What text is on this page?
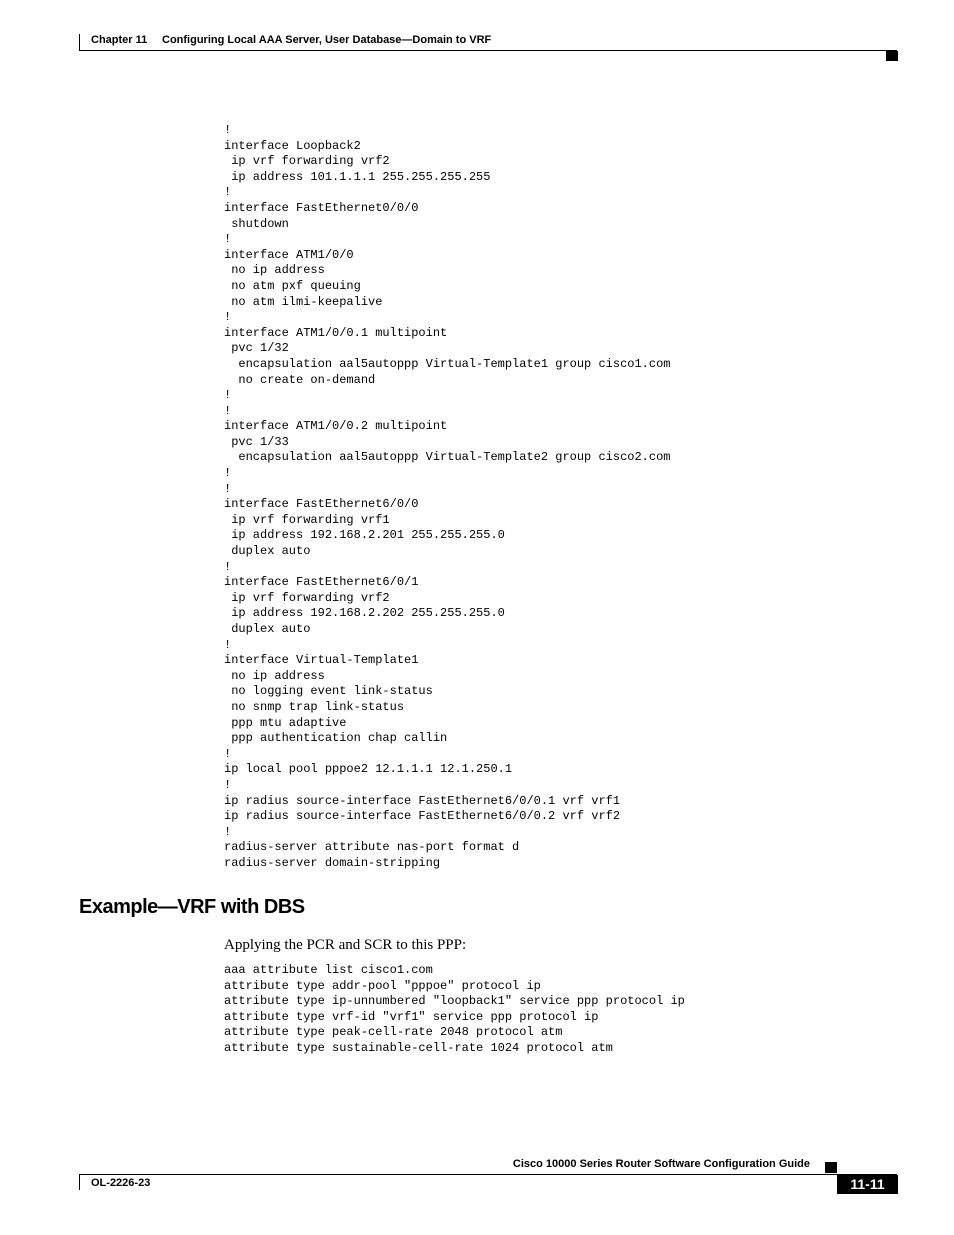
Chapter 11 Configuring Local AAA Server, User Database—Domain to VRF
!
interface Loopback2
ip vrf forwarding vrf2
ip address 101.1.1.1 255.255.255.255
!
interface FastEthernet0/0/0
shutdown
!
interface ATM1/0/0
no ip address
no atm pxf queuing
no atm ilmi-keepalive
!
interface ATM1/0/0.1 multipoint
pvc 1/32
encapsulation aal5autoppp Virtual-Template1 group cisco1.com
no create on-demand
!
!
interface ATM1/0/0.2 multipoint
pvc 1/33
encapsulation aal5autoppp Virtual-Template2 group cisco2.com
!
!
interface FastEthernet6/0/0
ip vrf forwarding vrf1
ip address 192.168.2.201 255.255.255.0
duplex auto
!
interface FastEthernet6/0/1
ip vrf forwarding vrf2
ip address 192.168.2.202 255.255.255.0
duplex auto
!
interface Virtual-Template1
no ip address
no logging event link-status
no snmp trap link-status
ppp mtu adaptive
ppp authentication chap callin
!
ip local pool pppoe2 12.1.1.1 12.1.250.1
!
ip radius source-interface FastEthernet6/0/0.1 vrf vrf1
ip radius source-interface FastEthernet6/0/0.2 vrf vrf2
!
radius-server attribute nas-port format d
radius-server domain-stripping
Example—VRF with DBS

Applying the PCR and SCR to this PPP:

aaa attribute list cisco1.com
attribute type addr-pool "pppoe" protocol ip
attribute type ip-unnumbered "loopback1" service ppp protocol ip
attribute type vrf-id "vrf1" service ppp protocol ip
attribute type peak-cell-rate 2048 protocol atm
attribute type sustainable-cell-rate 1024 protocol atm
Cisco 10000 Series Router Software Configuration Guide
OL-2226-23	11-11
